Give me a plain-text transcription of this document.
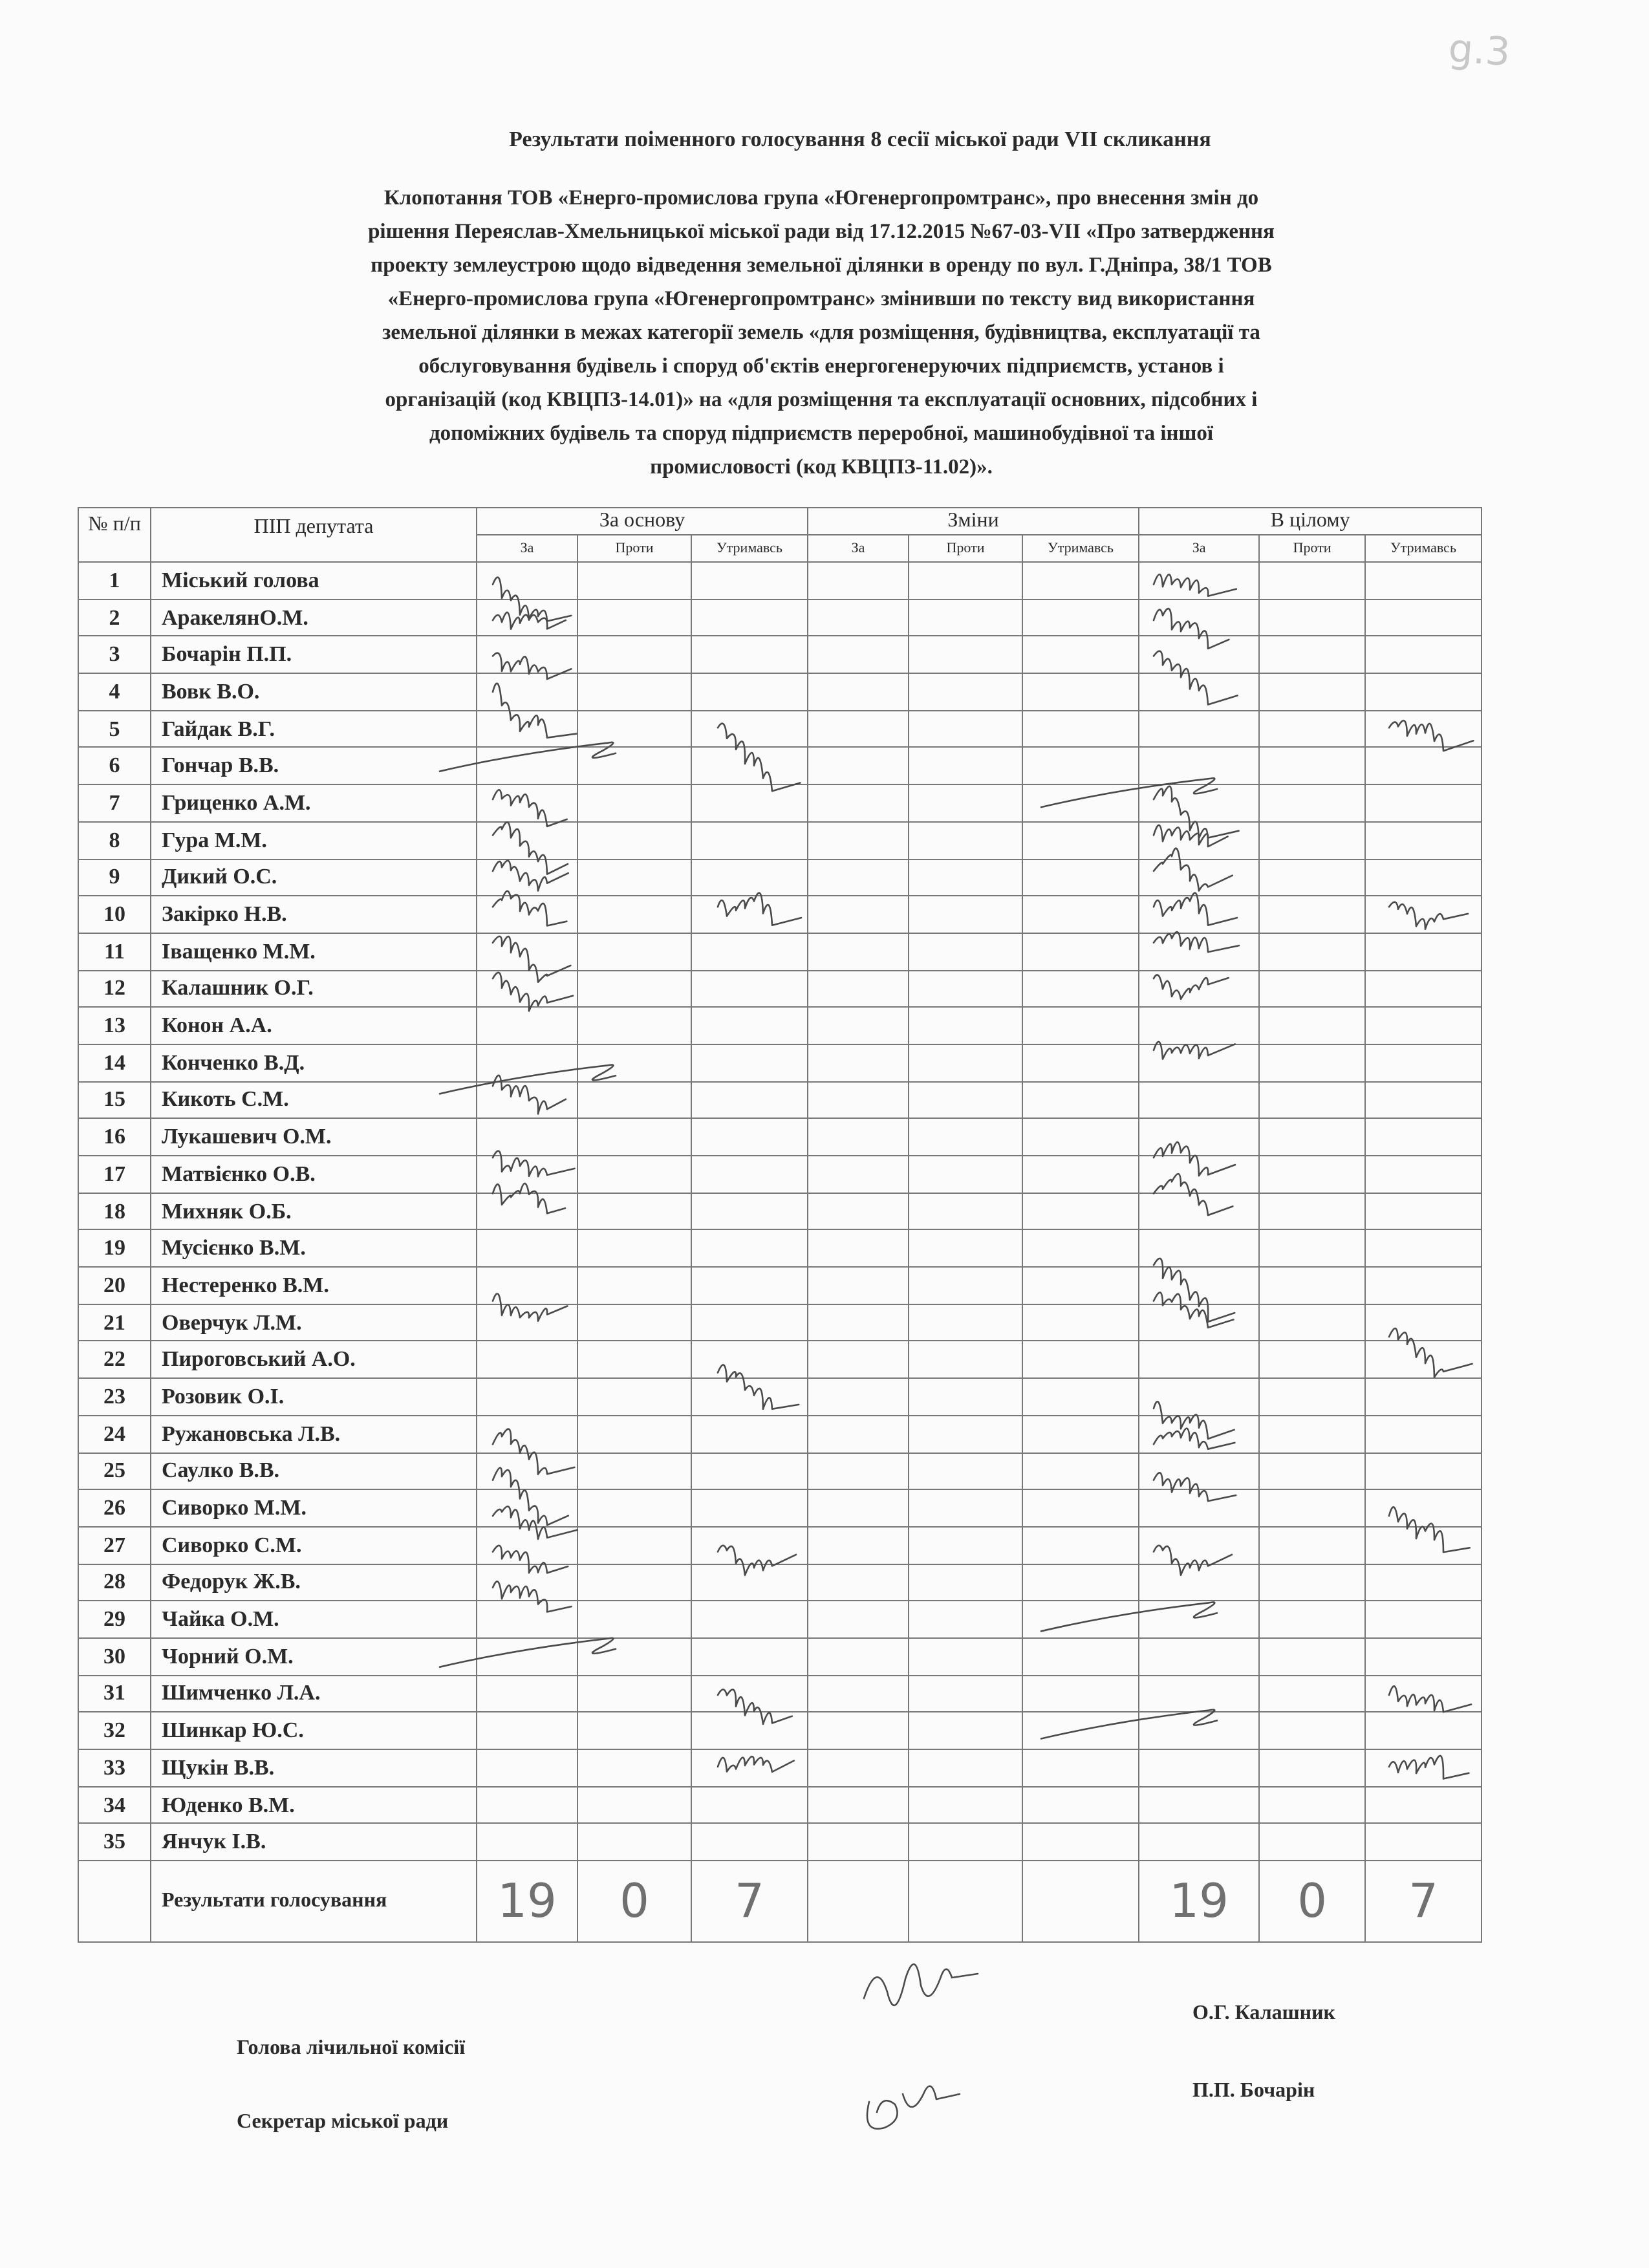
g.3
Результати поіменного голосування 8 сесії міської ради VII скликання
Клопотання ТОВ «Енерго-промислова група «Югенергопромтранс», про внесення змін до
рішення Переяслав-Хмельницької міської ради від 17.12.2015 №67-03-VII «Про затвердження
проекту землеустрою щодо відведення земельної ділянки в оренду по вул. Г.Дніпра, 38/1 ТОВ
«Енерго-промислова група «Югенергопромтранс» змінивши по тексту вид використання
земельної ділянки в межах категорії земель «для розміщення, будівництва, експлуатації та
обслуговування будівель і споруд об'єктів енергогенеруючих підприємств, установ і
організацій (код КВЦПЗ-14.01)» на «для розміщення та експлуатації основних, підсобних і
допоміжних будівель та споруд підприємств переробної, машинобудівної та іншої
промисловості (код КВЦПЗ-11.02)».
№ п/п	ПІП депутата	За основу			Зміни			В цілому		
		За	Проти	Утримавсь	За	Проти	Утримавсь	За	Проти	Утримавсь
1	Міський голова									
2	АракелянО.М.									
3	Бочарін П.П.									
4	Вовк В.О.									
5	Гайдак В.Г.									
6	Гончар В.В.									
7	Гриценко А.М.									
8	Гура М.М.									
9	Дикий О.С.									
10	Закірко Н.В.									
11	Іващенко М.М.									
12	Калашник О.Г.									
13	Конон А.А.									
14	Конченко В.Д.									
15	Кикоть С.М.									
16	Лукашевич О.М.									
17	Матвієнко О.В.									
18	Михняк О.Б.									
19	Мусієнко В.М.									
20	Нестеренко В.М.									
21	Оверчук Л.М.									
22	Пироговський А.О.									
23	Розовик О.І.									
24	Ружановська Л.В.									
25	Саулко В.В.									
26	Сиворко М.М.									
27	Сиворко С.М.									
28	Федорук Ж.В.									
29	Чайка О.М.									
30	Чорний О.М.									
31	Шимченко Л.А.									
32	Шинкар Ю.С.									
33	Щукін В.В.									
34	Юденко В.М.									
35	Янчук І.В.									
	Результати голосування	19	0	7				19	0	7
Голова лічильної комісії
О.Г. Калашник
Секретар міської ради
П.П. Бочарін
